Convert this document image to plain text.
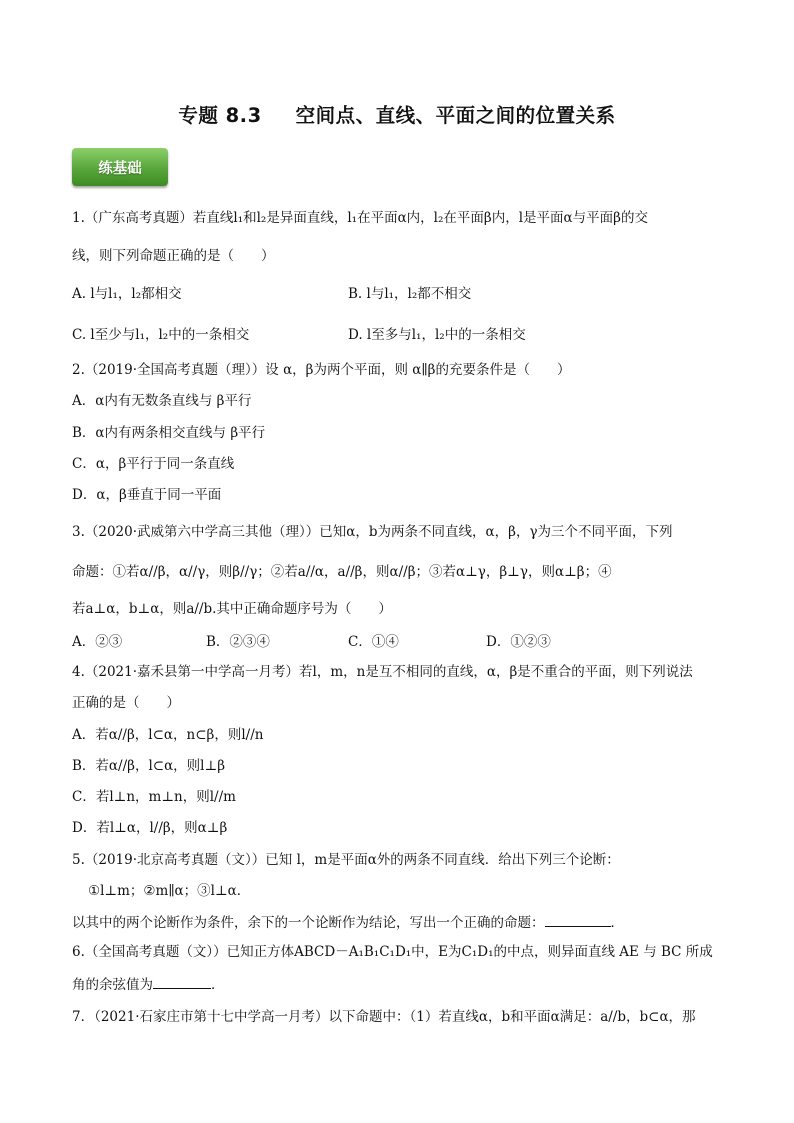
专题 8.3 空间点、直线、平面之间的位置关系
练基础
1.（广东高考真题）若直线l₁和l₂是异面直线，l₁在平面α内，l₂在平面β内，l是平面α与平面β的交
线，则下列命题正确的是（　　）
A. l与l₁，l₂都相交	B. l与l₁，l₂都不相交
C. l至少与l₁，l₂中的一条相交	D. l至多与l₁，l₂中的一条相交
2.（2019·全国高考真题（理））设 α，β为两个平面，则 α∥β的充要条件是（　　）
A．α内有无数条直线与 β平行
B．α内有两条相交直线与 β平行
C．α，β平行于同一条直线
D．α，β垂直于同一平面
3.（2020·武威第六中学高三其他（理））已知α，b为两条不同直线，α，β，γ为三个不同平面，下列
命题：①若α//β，α//γ，则β//γ；②若a//α，a//β，则α//β；③若α⊥γ，β⊥γ，则α⊥β；④
若a⊥α，b⊥α，则a//b.其中正确命题序号为（　　）
A．②③	B．②③④	C．①④	D．①②③
4.（2021·嘉禾县第一中学高一月考）若l，m，n是互不相同的直线，α，β是不重合的平面，则下列说法
正确的是（　　）
A．若α//β，l⊂α，n⊂β，则l//n
B．若α//β，l⊂α，则l⊥β
C．若l⊥n，m⊥n，则l//m
D．若l⊥α，l//β，则α⊥β
5.（2019·北京高考真题（文））已知 l，m是平面α外的两条不同直线．给出下列三个论断：
①l⊥m；②m∥α；③l⊥α．
以其中的两个论断作为条件，余下的一个论断作为结论，写出一个正确的命题：	．
6.（全国高考真题（文））已知正方体ABCD－A₁B₁C₁D₁中，E为C₁D₁的中点，则异面直线 AE 与 BC 所成
角的余弦值为	．
7．（2021·石家庄市第十七中学高一月考）以下命题中：（1）若直线α，b和平面α满足：a//b，b⊂α，那
